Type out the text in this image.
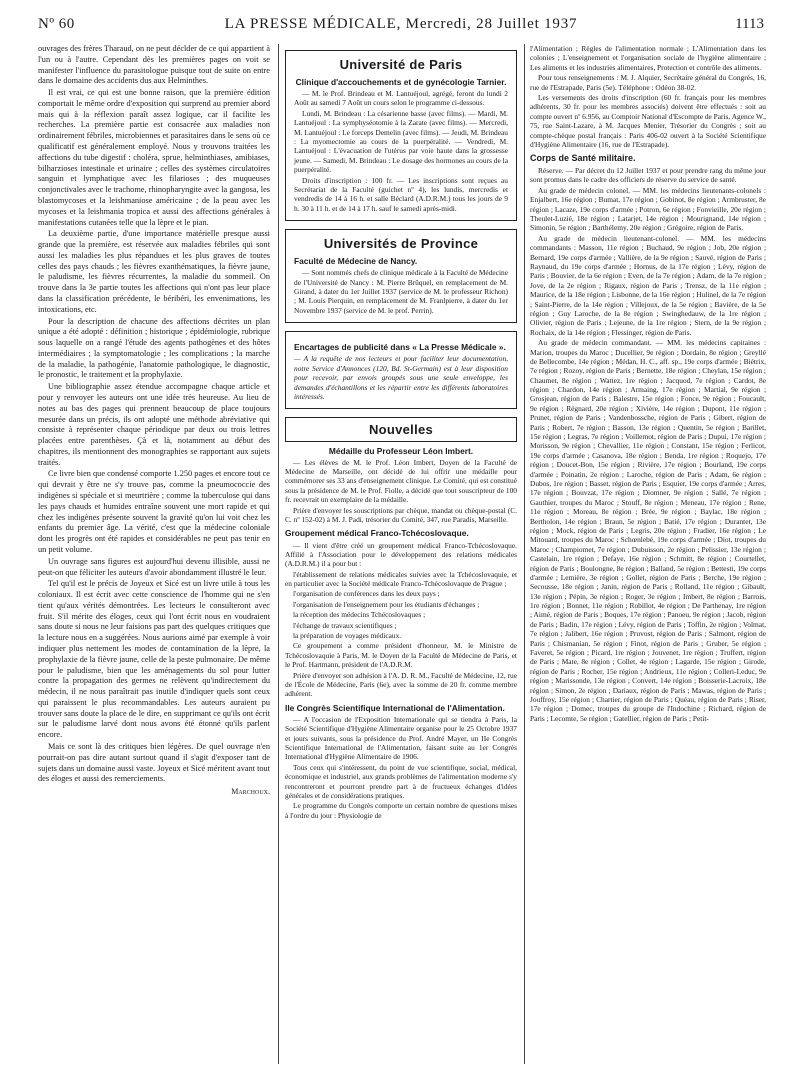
Nº 60	LA PRESSE MÉDICALE, Mercredi, 28 Juillet 1937	1113

ouvrages des frères Tharaud, on ne peut déclder de ce qui appartient à l'un ou à l'autre. Cependant dès les premières pages on voit se manifester l'influence du parasitologue puisque tout de suite on entre dans le domaine des accidents dus aux Helminthes.

Il est vrai, ce qui est une bonne raison, que la première édition comportait le même ordre d'exposition qui surprend au premier abord mais qui à la réflexion paraît assez logique, car il facilite les recherches. La première partie est consacrée aux maladies non ordinairement fébriles, microbiennes et parasitaires dans le sens où ce qualificatif est généralement employé. Nous y trouvons traitées les affections du tube digestif : choléra, sprue, helminthiases, amibiases, bilharzioses intestinale et urinaire ; celles des systèmes circulatoires sanguin et lymphatique avec les filarioses ; des muqueuses conjonctivales avec le trachome, rhinopharyngite avec la gangosa, les blastomycoses et la leishmaniose américaine ; de la peau avec les mycoses et la leishmania tropica et aussi des affections générales à manifestations cutanées telle que la lèpre et le pian.

La deuxième partie, d'une importance matérielle presque aussi grande que la première, est réservée aux maladies fébriles qui sont aussi les maladies les plus répandues et les plus graves de toutes celles des pays chauds ; les fièvres exanthématiques, la fièvre jaune, le paludisme, les fièvres récurrentes, la maladie du sommeil. On trouve dans la 3e partie toutes les affections qui n'ont pas leur place dans la classification précédente, le béribéri, les envenimations, les intoxications, etc.

Pour la description de chacune des affections décrites un plan unique a été adopté : définition ; historique ; épidémiologie, rubrique sous laquelle on a rangé l'étude des agents pathogènes et des hôtes intermédiaires ; la symptomatologie ; les complications ; la marche de la maladie, la pathogénie, l'anatomie pathologique, le diagnostic, le pronostic, le traitement et la prophylaxie.

Une bibliographie assez étendue accompagne chaque article et pour y renvoyer les auteurs ont une idée très heureuse. Au lieu de notes au bas des pages qui prennent beaucoup de place toujours mesurée dans un précis, ils ont adopté une méthode abréviative qui consiste à représenter chaque périodique par deux ou trois lettres placées entre parenthèses. Çà et là, notamment au début des chapitres, ils mentionnent des monographies se rapportant aux sujets traités.

Ce livre bien que condensé comporte 1.250 pages et encore tout ce qui devrait y être ne s'y trouve pas, comme la pneumococcie des indigènes si spéciale et si meurtrière ; comme la tuberculose qui dans les pays chauds et humides entraîne souvent une mort rapide et qui chez les indigènes présente souvent la gravité qu'on lui voit chez les enfants du premier âge. La vérité, c'est que la médecine coloniale dont les progrès ont été rapides et considérables ne peut pas tenir en un petit volume.

Un ouvrage sans figures est aujourd'hui devenu illisible, aussi ne peut-on que féliciter les auteurs d'avoir abondamment illustré le leur.

Tel qu'il est le précis de Joyeux et Sicé est un livre utile à tous les coloniaux. Il est écrit avec cette conscience de l'homme qui ne s'en tient qu'aux vérités démontrées. Les lecteurs le consulteront avec fruit. S'il mérite des éloges, ceux qui l'ont écrit nous en voudraient sans doute si nous ne leur faisions pas part des quelques critiques que la lecture nous en a suggérées. Nous aurions aimé par exemple à voir indiquer plus nettement les modes de contamination de la lèpre, la prophylaxie de la fièvre jaune, celle de la peste pulmonaire. De même pour le paludisme, bien que les aménagements du sol pour lutter contre la propagation des germes ne relèvent qu'indirectement du médecin, il ne nous paraîtrait pas inutile d'indiquer quels sont ceux qui paraissent le plus recommandables. Les auteurs auraient pu trouver sans doute la place de le dire, en supprimant ce qu'ils ont écrit sur le paludisme larvé dont nous avons été étonné qu'ils parlent encore.

Mais ce sont là des critiques bien légères. De quel ouvrage n'en pourrait-on pas dire autant surtout quand il s'agit d'exposer tant de sujets dans un domaine aussi vaste. Joyeux et Sicé méritent avant tout des éloges et aussi des remerciements.

Marchoux.
Université de Paris
Clinique d'accouchements et de gynécologie Tarnier.

— M. le Prof. Brindeau et M. Lantuéjoul, agrégé, feront du lundi 2 Août au samedi 7 Août un cours selon le programme ci-dessous.

Lundi, M. Brindeau : La césarienne basse (avec films). — Mardi, M. Lantuéjoul : La symphyséotomie à la Zarate (avec films). — Mercredi, M. Lantuéjoul : Le forceps Demelin (avec films). — Jeudi, M. Brindeau : La myomectomie au cours de la puerpéralité. — Vendredi, M. Lantuéjoul : L'évacuation de l'utérus par voie haute dans la grossesse jeune. — Samedi, M. Brindeau : Le dosage des hormones au cours de la puerpéralité.

Droits d'inscription : 100 fr. — Les inscriptions sont reçues au Secrétariat de la Faculté (guichet nº 4), les lundis, mercredis et vendredis de 14 à 16 h. et salle Béclard (A.D.R.M.) tous les jours de 9 h. 30 à 11 h. et de 14 à 17 h. sauf le samedi après-midi.

Universités de Province
Faculté de Médecine de Nancy.

— Sont nommés chefs de clinique médicale à la Faculté de Médecine de l'Université de Nancy : M. Pierre Brûquel, en remplacement de M. Girand, à dater du 1er Juillet 1937 (service de M. le professeur Richon) ; M. Louis Pierquin, en remplacement de M. Franlpierre, à dater du 1er Novembre 1937 (service de M. le prof. Perrin).

Encartages de publicité dans « La Presse Médicale ».

— A la requête de nos lecteurs et pour faciliter leur documentation, notre Service d'Annonces (120, Bd. St-Germain) est à leur disposition pour recevoir, par envois groupés sous une seule enveloppe, les demandes d'échantillons et les répartir entre les différents laboratoires intéressés.

Nouvelles
Médaille du Professeur Léon Imbert.

— Les élèves de M. le Prof. Léon Imbert, Doyen de la Faculté de Médecine de Marseille, ont décidé de lui offrir une médaille pour commémorer ses 33 ans d'enseignement clinique. Le Comité, qui est constitué sous la présidence de M. le Prof. Fiolle, a décidé que tout souscripteur de 100 fr. recevrait un exemplaire de la médaille.

Prière d'envoyer les souscriptions par chèque, mandat ou chèque-postal (C. C. nº 152-02) à M. J. Padi, trésorier du Comité, 347, rue Paradis, Marseille.

Groupement médical Franco-Tchécoslovaque.

— Il vient d'être créé un groupement médical Franco-Tchécoslovaque. Affilié à l'Association pour le développement des relations médicales (A.D.R.M.) il a pour but :

l'établissement de relations médicales suivies avec la Tchécoslovaquie, et en particulier avec la Société médicale Franco-Tchécoslovaque de Prague ;

l'organisation de conférences dans les deux pays ;

l'organisation de l'enseignement pour les étudiants d'échanges ;

la réception des médecins Tchécoslovaques ;

l'échange de travaux scientifiques ;

la préparation de voyages médicaux.

Ce groupement a comme président d'honneur, M. le Ministre de Tchécoslovaquie à Paris, M. le Doyen de la Faculté de Médecine de Paris, et le Prof. Hartmann, président de l'A.D.R.M.

Prière d'envoyer son adhésion à l'A. D. R. M., Faculté de Médecine, 12, rue de l'École de Médecine, Paris (6e), avec la somme de 20 fr. comme membre adhérent.

IIe Congrès Scientifique International de l'Alimentation.

— A l'occasion de l'Exposition Internationale qui se tiendra à Paris, la Société Scientifique d'Hygiène Alimentaire organise pour le 25 Octobre 1937 et jours suivants, sous la présidence du Prof. André Mayer, un IIe Congrès Scientifique International de l'Alimentation, faisant suite au 1er Congrès International d'Hygiène Alimentaire de 1906.

Tous ceux qui s'intéressent, du point de vue scientifique, social, médical, économique et industriel, aux grands problèmes de l'alimentation moderne s'y rencontreront et pourront prendre part à de fructueux échanges d'idées générales et de considérations pratiques.

Le programme du Congrès comporte un certain nombre de questions mises à l'ordre du jour : Physiologie de

l'Alimentation ; Règles de l'alimentation normale ; L'Alimentation dans les colonies ; L'enseignement et l'organisation sociale de l'hygiène alimentaire ; Les aliments et les industries alimentaires, Protection et contrôle des aliments.

Pour tous renseignements : M. J. Alquier, Secrétaire général du Congrès, 16, rue de l'Estrapade, Paris (5e). Téléphone : Odéon 38-02.

Les versements des droits d'inscription (60 fr. français pour les membres adhérents, 30 fr. pour les membres associés) doivent être effectués : soit au compte ouvert nº 6.956, au Comptoir National d'Escompte de Paris, Agence W., 75, rue Saint-Lazare, à M. Jacques Menier, Trésorier du Congrès ; soit au compte-chèque postal français : Paris 406-02 ouvert à la Société Scientifique d'Hygiène Alimentaire (16, rue de l'Estrapade).

Corps de Santé militaire.

Réserve. — Par décret du 12 Juillet 1937 et pour prendre rang du même jour sont promus dans le cadre des officiers de réserve du service de santé.

Au grade de médecin colonel. — MM. les médecins lieutenants-colonels : Enjalbert, 16e région ; Bumat, 17e région ; Gobinot, 8e région ; Armbruster, 8e région ; Lacaze, 19e corps d'armée ; Potron, 6e région ; Fonvieille, 20e région ; Theulet-Luzié, 18e région ; Latarjet, 14e région ; Mourignand, 14e région ; Simonin, 5e région ; Barthélemy, 20e région ; Grégoire, région de Paris.

Au grade de médecin lieutenant-colonel. — MM. les médecins commandants : Masson, 11e région ; Buchaud, 9e région ; Job, 20e région ; Bernard, 19e corps d'armée ; Vallière, de la 9e région ; Sauvé, région de Paris ; Raynaud, du 19e corps d'armée ; Hornus, de la 17e région ; Lévy, région de Paris ; Bouvier, de la 6e région ; Even, de la 7e région ; Adam, de la 7e région ; Jove, de la 2e région ; Rigaux, région de Paris ; Trensz, de la 11e région ; Maurice, de la 18e région ; Lisbonne, de la 16e région ; Hulinel, de la 7e région ; Saint-Pierre, de la 14e région ; Villejoux, de la 5e région ; Bavière, de la 5e région ; Guy Laroche, de la 8e région ; Swinghedauw, de la 1re région ; Olivier, région de Paris ; Lejeune, de la 1re région ; Stern, de la 9e région ; Rochaix, de la 14e région ; Flessinger, région de Paris.

Au grade de médecin commandant. — MM. les médecins capitaines : Marion, troupes du Maroc ; Ducellier, 9e région ; Dordain, 8e région ; Greyllé de Bellecombe, 14e région ; Médan, H. C., aff. sp., 19e corps d'armée ; Biétrix, 7e région ; Rozoy, région de Paris ; Bernette, 18e région ; Cheylan, 15e région ; Chaumet, 8e région ; Wattez, 1re région ; Jacquod, 7e région ; Cardot, 8e région ; Chardon, 14e région ; Armaing, 17e région ; Martial, 9e région ; Grosjean, région de Paris ; Balestre, 15e région ; Fonce, 9e région ; Foucault, 9e région ; Régnard, 20e région ; Xivière, 14e région ; Dupont, 11e région ; Prunet, région de Paris ; Vandenbossche, région de Paris ; Gibert, région de Paris ; Robert, 7e région ; Basson, 13e région ; Quentin, 5e région ; Barillet, 15e région ; Legras, 7e région ; Voillemot, région de Paris ; Dupui, 17e région ; Morisson, 9e région ; Chevallier, 11e région ; Constant, 15e région ; Ferlicot, 19e corps d'armée ; Casanova, 18e région ; Benda, 1re région ; Roquejo, 17e région ; Doucet-Bon, 15e région ; Rivière, 17e région ; Bourland, 19e corps d'armée ; Poinatin, 2e région ; Laroche, région de Paris ; Adam, 6e région ; Dubos, 1re région ; Basset, région de Paris ; Esquier, 19e corps d'armée ; Arres, 17e région ; Bouvzat, 17e région ; Diomner, 9e région ; Sallé, 7e région ; Gauthier, troupes du Maroc ; Stouff, 8e région ; Meneau, 17e région ; Rene, 11e région ; Moreau, 8e région ; Brée, 9e région ; Baylac, 18e région ; Bertholon, 14e région ; Braun, 5e région ; Batié, 17e région ; Durantet, 13e région ; Mock, région de Paris ; Legris, 20e région ; Fradier, 16e région ; Le Mitouard, troupes du Maroc ; Schœnlebé, 19e corps d'armée ; Diot, troupes du Maroc ; Champiomet, 7e région ; Dubuisson, 2e région ; Pelissier, 13e région ; Castelain, 1re région ; Defaye, 16e région ; Schmitt, 8e région ; Courtellet, région de Paris ; Boulongne, 8e région ; Balland, 5e région ; Bettesti, 19e corps d'armée ; Lemière, 3e région ; Gollet, région de Paris ; Berche, 19e région ; Secousse, 18e région ; Janin, région de Paris ; Rolland, 11e région ; Gibault, 13e région ; Pépin, 3e région ; Roger, 3e région ; Imbert, 8e région ; Barrois, 1re région ; Bonnet, 11e région ; Robillot, 4e région ; De Parthenay, 1re région ; Aimé, région de Paris ; Boques, 17e région ; Panoeu, 9e région ; Jacob, région de Paris ; Badin, 17e région ; Lévy, région de Paris ; Toffin, 2e région ; Volmat, 7e région ; Jalibert, 16e région ; Pruvost, région de Paris ; Salmont, région de Paris ; Chismanian, 5e région ; Finot, région de Paris ; Gruber, 5e région ; Faveret, 5e région ; Picard, 1re région ; Jouvenet, 1re région ; Truffert, région de Paris ; Mate, 8e région ; Collet, 4e région ; Lagarde, 15e région ; Girode, région de Paris ; Rocher, 15e région ; Andrieux, 11e région ; Colleri-Leduc, 9e région ; Marissonde, 13e région ; Convert, 14e région ; Boisserie-Lacroix, 18e région ; Simon, 2e région ; Dariaux, région de Paris ; Mawas, région de Paris ; Jouffroy, 15e région ; Chartier, région de Paris ; Quéau, région de Paris ; Riser, 17e région ; Domec, troupes du groupe de l'Indochine ; Richard, région de Paris ; Lecomte, 5e région ; Gatellier, région de Paris ; Petit-
